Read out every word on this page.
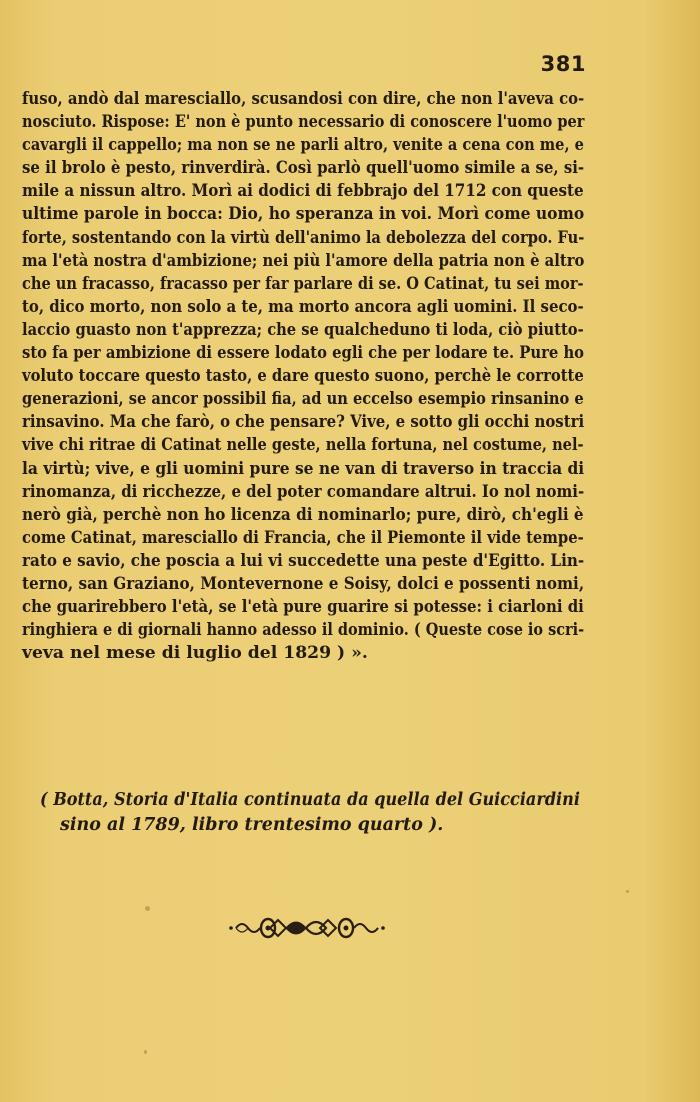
381
fuso, andò dal maresciallo, scusandosi con dire, che non l'aveva co-
nosciuto. Rispose: E' non è punto necessario di conoscere l'uomo per
cavargli il cappello; ma non se ne parli altro, venite a cena con me, e
se il brolo è pesto, rinverdirà. Così parlò quell'uomo simile a se, si-
mile a nissun altro. Morì ai dodici di febbrajo del 1712 con queste
ultime parole in bocca: Dio, ho speranza in voi. Morì come uomo
forte, sostentando con la virtù dell'animo la debolezza del corpo. Fu-
ma l'età nostra d'ambizione; nei più l'amore della patria non è altro
che un fracasso, fracasso per far parlare di se. O Catinat, tu sei mor-
to, dico morto, non solo a te, ma morto ancora agli uomini. Il seco-
laccio guasto non t'apprezza; che se qualcheduno ti loda, ciò piutto-
sto fa per ambizione di essere lodato egli che per lodare te. Pure ho
voluto toccare questo tasto, e dare questo suono, perchè le corrotte
generazioni, se ancor possibil fia, ad un eccelso esempio rinsanino e
rinsavino. Ma che farò, o che pensare? Vive, e sotto gli occhi nostri
vive chi ritrae di Catinat nelle geste, nella fortuna, nel costume, nel-
la virtù; vive, e gli uomini pure se ne van di traverso in traccia di
rinomanza, di ricchezze, e del poter comandare altrui. Io nol nomi-
nerò già, perchè non ho licenza di nominarlo; pure, dirò, ch'egli è
come Catinat, maresciallo di Francia, che il Piemonte il vide tempe-
rato e savio, che poscia a lui vi succedette una peste d'Egitto. Lin-
terno, san Graziano, Montevernone e Soisy, dolci e possenti nomi,
che guarirebbero l'età, se l'età pure guarire si potesse: i ciarloni di
ringhiera e di giornali hanno adesso il dominio. ( Queste cose io scri-
veva nel mese di luglio del 1829 ) ».
( Botta, Storia d'Italia continuata da quella del Guicciardini
sino al 1789, libro trentesimo quarto ).
